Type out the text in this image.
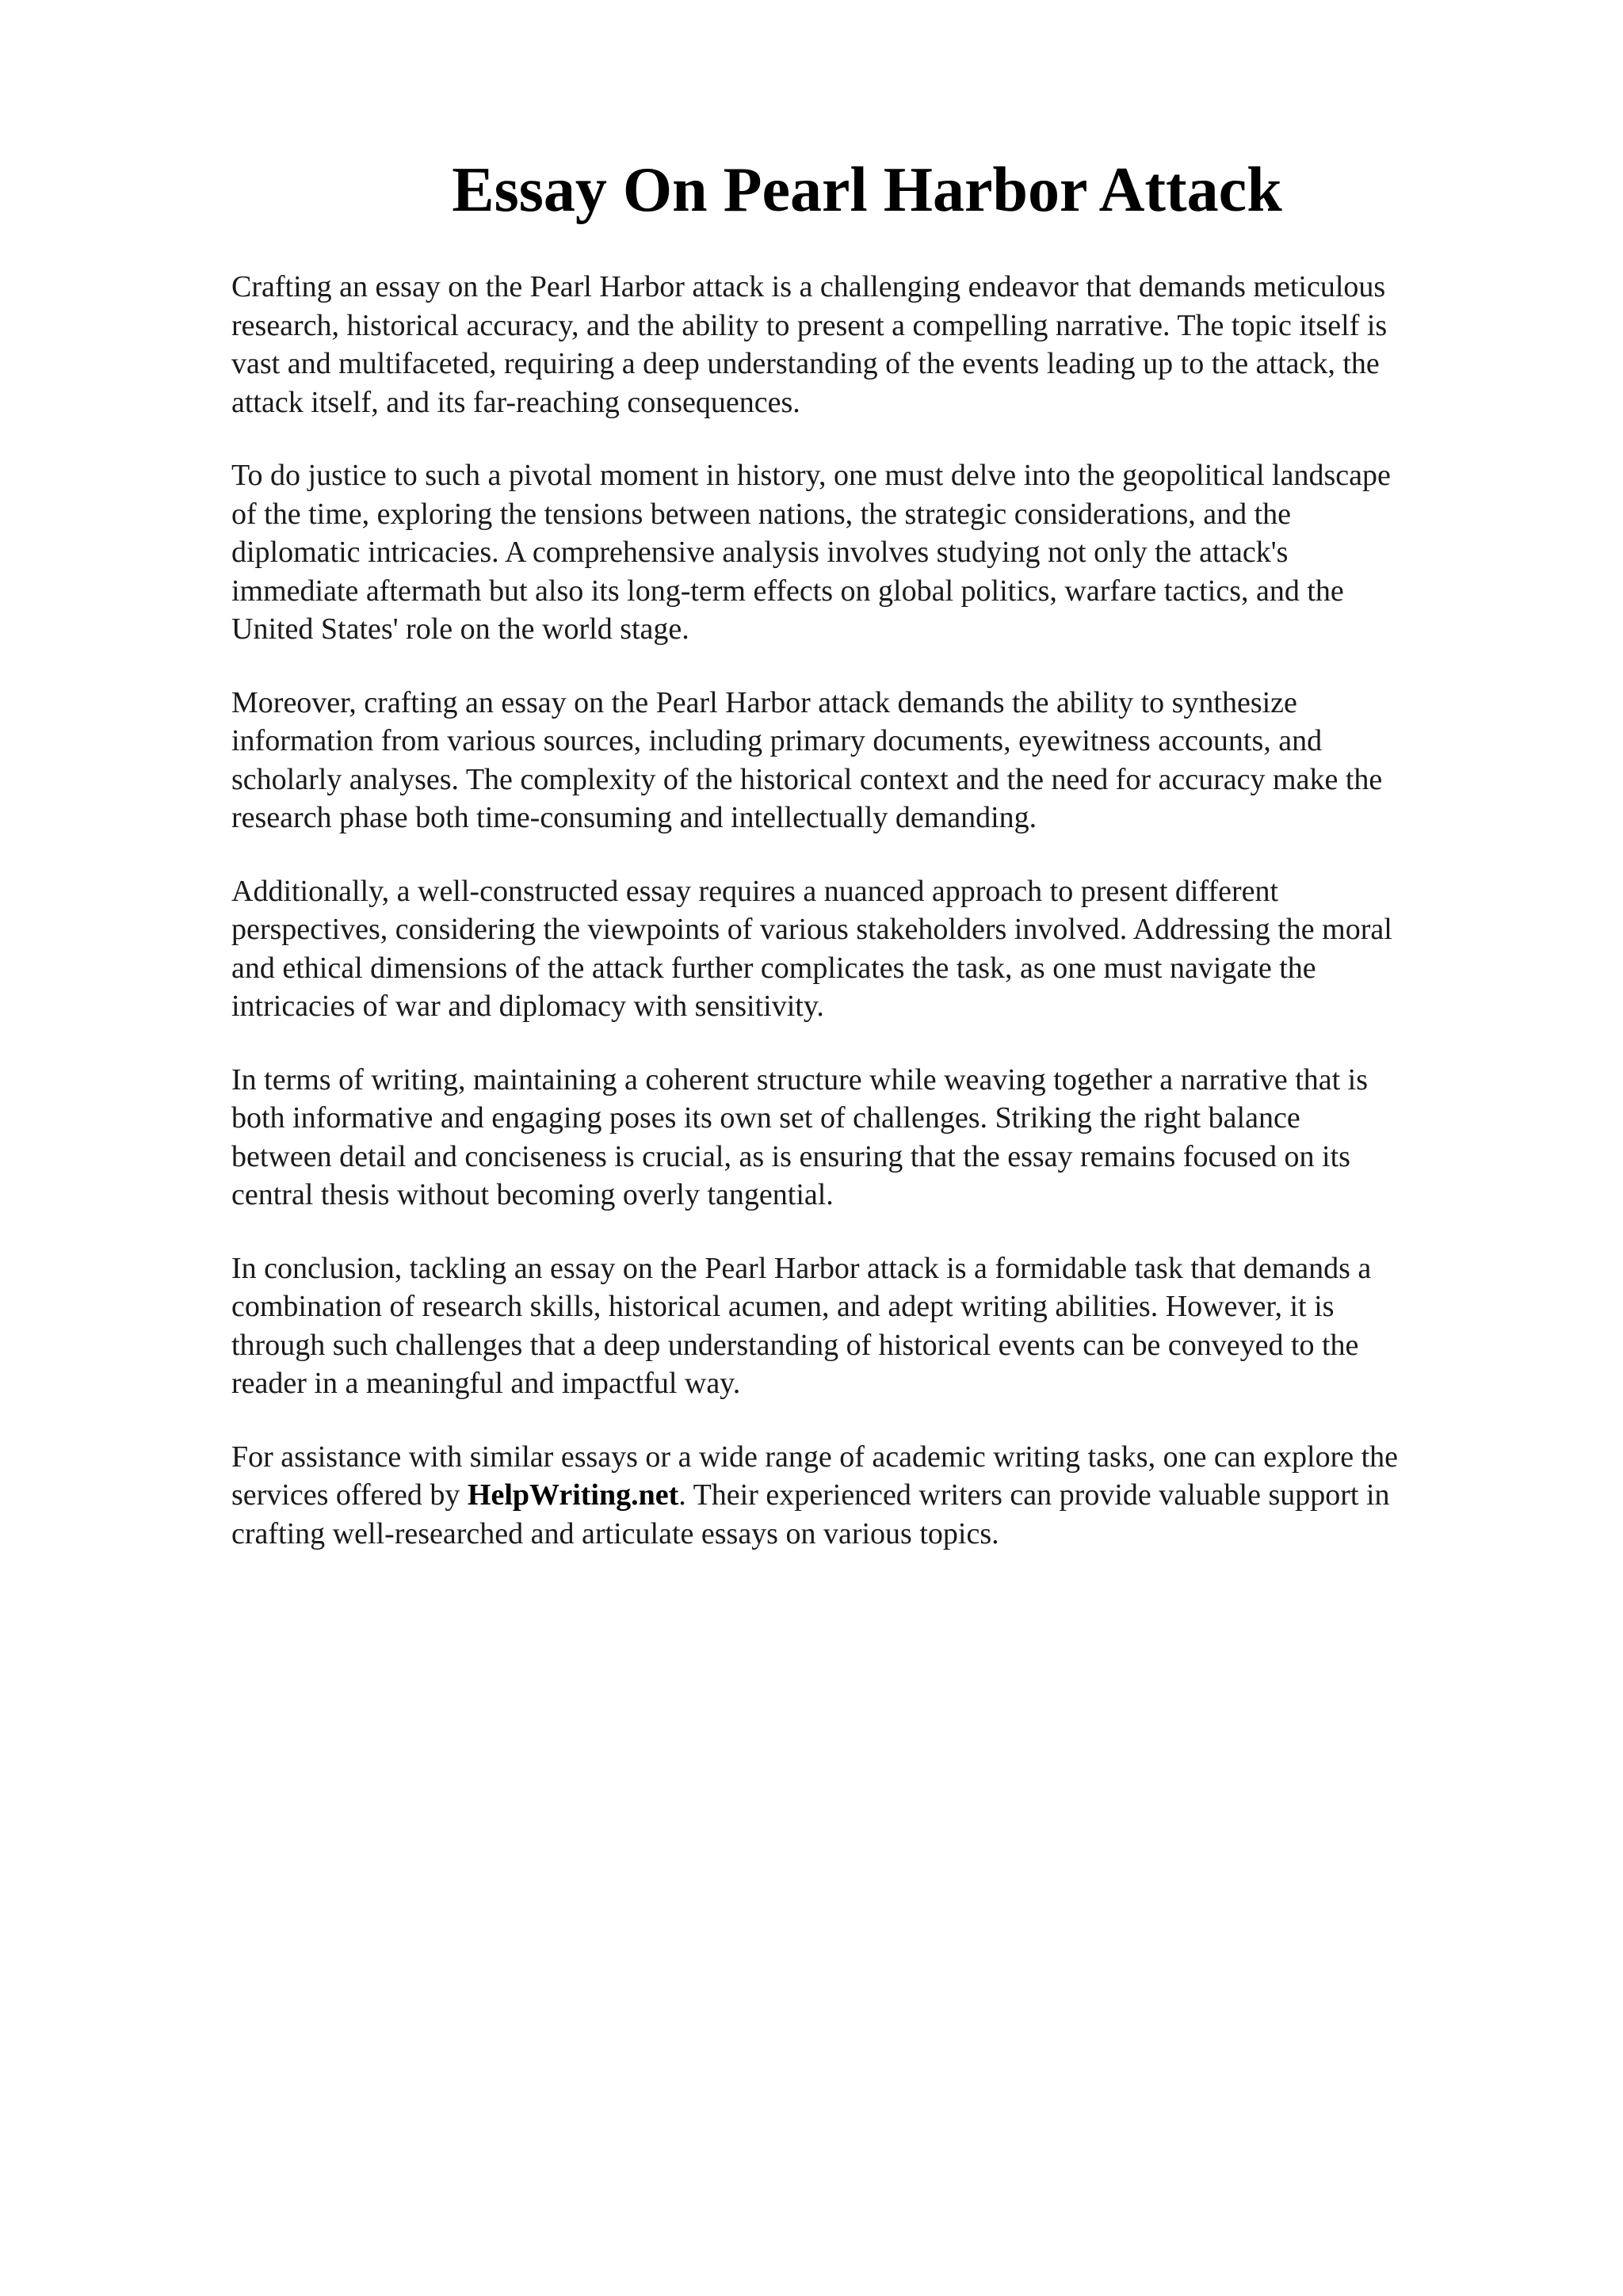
Essay On Pearl Harbor Attack

Crafting an essay on the Pearl Harbor attack is a challenging endeavor that demands meticulous
research, historical accuracy, and the ability to present a compelling narrative. The topic itself is
vast and multifaceted, requiring a deep understanding of the events leading up to the attack, the
attack itself, and its far-reaching consequences.

To do justice to such a pivotal moment in history, one must delve into the geopolitical landscape
of the time, exploring the tensions between nations, the strategic considerations, and the
diplomatic intricacies. A comprehensive analysis involves studying not only the attack's
immediate aftermath but also its long-term effects on global politics, warfare tactics, and the
United States' role on the world stage.

Moreover, crafting an essay on the Pearl Harbor attack demands the ability to synthesize
information from various sources, including primary documents, eyewitness accounts, and
scholarly analyses. The complexity of the historical context and the need for accuracy make the
research phase both time-consuming and intellectually demanding.

Additionally, a well-constructed essay requires a nuanced approach to present different
perspectives, considering the viewpoints of various stakeholders involved. Addressing the moral
and ethical dimensions of the attack further complicates the task, as one must navigate the
intricacies of war and diplomacy with sensitivity.

In terms of writing, maintaining a coherent structure while weaving together a narrative that is
both informative and engaging poses its own set of challenges. Striking the right balance
between detail and conciseness is crucial, as is ensuring that the essay remains focused on its
central thesis without becoming overly tangential.

In conclusion, tackling an essay on the Pearl Harbor attack is a formidable task that demands a
combination of research skills, historical acumen, and adept writing abilities. However, it is
through such challenges that a deep understanding of historical events can be conveyed to the
reader in a meaningful and impactful way.

For assistance with similar essays or a wide range of academic writing tasks, one can explore the
services offered by HelpWriting.net. Their experienced writers can provide valuable support in
crafting well-researched and articulate essays on various topics.
